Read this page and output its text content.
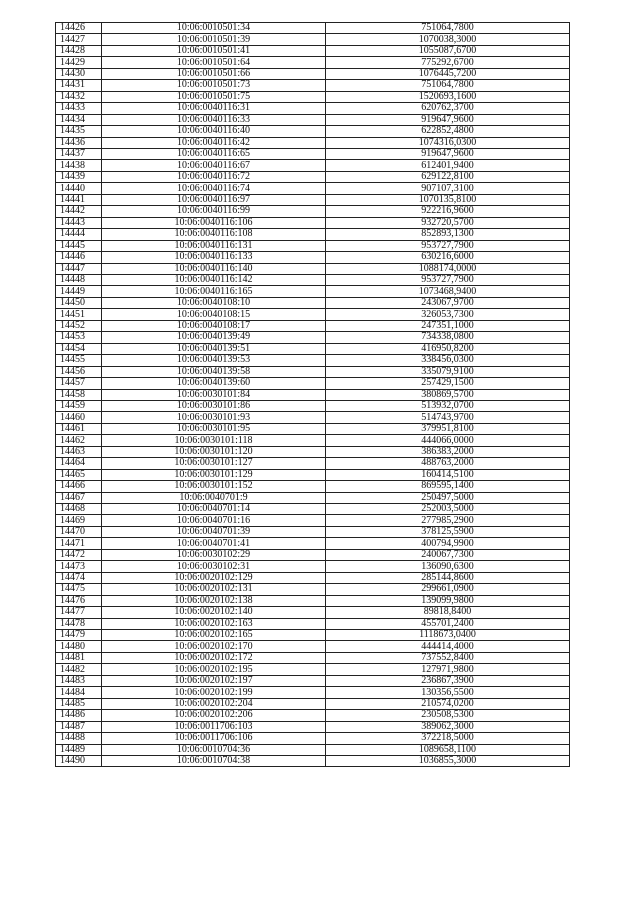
14426	10:06:0010501:34	751064,7800
14427	10:06:0010501:39	1070038,3000
14428	10:06:0010501:41	1055087,6700
14429	10:06:0010501:64	775292,6700
14430	10:06:0010501:66	1076445,7200
14431	10:06:0010501:73	751064,7800
14432	10:06:0010501:75	1520693,1600
14433	10:06:0040116:31	620762,3700
14434	10:06:0040116:33	919647,9600
14435	10:06:0040116:40	622852,4800
14436	10:06:0040116:42	1074316,0300
14437	10:06:0040116:65	919647,9600
14438	10:06:0040116:67	612401,9400
14439	10:06:0040116:72	629122,8100
14440	10:06:0040116:74	907107,3100
14441	10:06:0040116:97	1070135,8100
14442	10:06:0040116:99	922216,9600
14443	10:06:0040116:106	932720,5700
14444	10:06:0040116:108	852893,1300
14445	10:06:0040116:131	953727,7900
14446	10:06:0040116:133	630216,6000
14447	10:06:0040116:140	1088174,0000
14448	10:06:0040116:142	953727,7900
14449	10:06:0040116:165	1073468,9400
14450	10:06:0040108:10	243067,9700
14451	10:06:0040108:15	326053,7300
14452	10:06:0040108:17	247351,1000
14453	10:06:0040139:49	734338,0800
14454	10:06:0040139:51	416950,8200
14455	10:06:0040139:53	338456,0300
14456	10:06:0040139:58	335079,9100
14457	10:06:0040139:60	257429,1500
14458	10:06:0030101:84	380869,5700
14459	10:06:0030101:86	513932,0700
14460	10:06:0030101:93	514743,9700
14461	10:06:0030101:95	379951,8100
14462	10:06:0030101:118	444066,0000
14463	10:06:0030101:120	386383,2000
14464	10:06:0030101:127	488763,2000
14465	10:06:0030101:129	160414,5100
14466	10:06:0030101:152	869595,1400
14467	10:06:0040701:9	250497,5000
14468	10:06:0040701:14	252003,5000
14469	10:06:0040701:16	277985,2900
14470	10:06:0040701:39	378125,5900
14471	10:06:0040701:41	400794,9900
14472	10:06:0030102:29	240067,7300
14473	10:06:0030102:31	136090,6300
14474	10:06:0020102:129	285144,8600
14475	10:06:0020102:131	299661,0900
14476	10:06:0020102:138	139099,9800
14477	10:06:0020102:140	89818,8400
14478	10:06:0020102:163	455701,2400
14479	10:06:0020102:165	1118673,0400
14480	10:06:0020102:170	444414,4000
14481	10:06:0020102:172	737552,8400
14482	10:06:0020102:195	127971,9800
14483	10:06:0020102:197	236867,3900
14484	10:06:0020102:199	130356,5500
14485	10:06:0020102:204	210574,0200
14486	10:06:0020102:206	230508,5300
14487	10:06:0011706:103	389062,3000
14488	10:06:0011706:106	372218,5000
14489	10:06:0010704:36	1089658,1100
14490	10:06:0010704:38	1036855,3000
